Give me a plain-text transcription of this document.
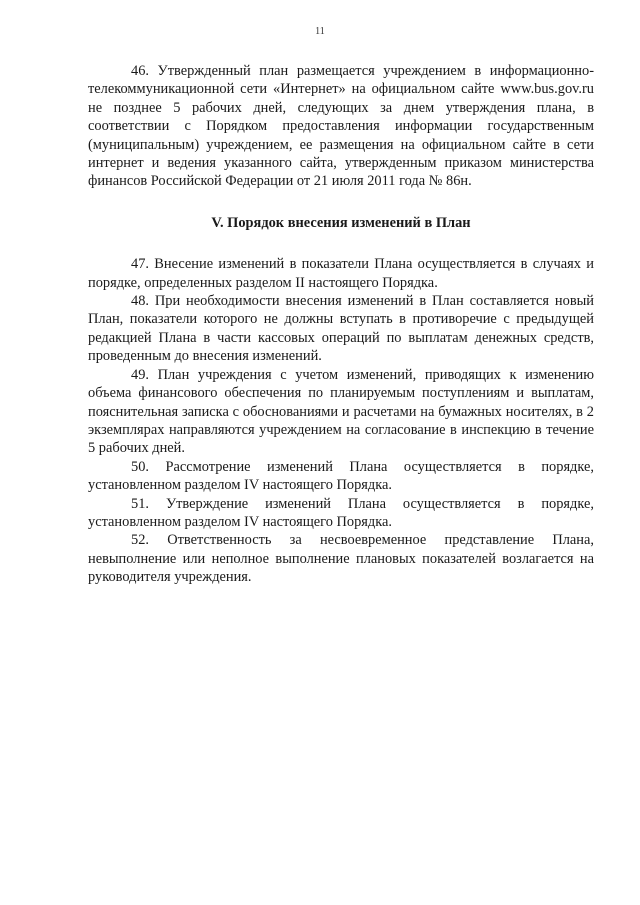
11

46. Утвержденный план размещается учреждением в информационно-телекоммуникационной сети «Интернет» на официальном сайте www.bus.gov.ru не позднее 5 рабочих дней, следующих за днем утверждения плана, в соответствии с Порядком предоставления информации государственным (муниципальным) учреждением, ее размещения на официальном сайте в сети интернет и ведения указанного сайта, утвержденным приказом министерства финансов Российской Федерации от 21 июля 2011 года № 86н.

V. Порядок внесения изменений в План

47. Внесение изменений в показатели Плана осуществляется в случаях и порядке, определенных разделом II настоящего Порядка.

48. При необходимости внесения изменений в План составляется новый План, показатели которого не должны вступать в противоречие с предыдущей редакцией Плана в части кассовых операций по выплатам денежных средств, проведенным до внесения изменений.

49. План учреждения с учетом изменений, приводящих к изменению объема финансового обеспечения по планируемым поступлениям и выплатам, пояснительная записка с обоснованиями и расчетами на бумажных носителях, в 2 экземплярах направляются учреждением на согласование в инспекцию в течение 5 рабочих дней.

50. Рассмотрение изменений Плана осуществляется в порядке, установленном разделом IV настоящего Порядка.

51. Утверждение изменений Плана осуществляется в порядке, установленном разделом IV настоящего Порядка.

52. Ответственность за несвоевременное представление Плана, невыполнение или неполное выполнение плановых показателей возлагается на руководителя учреждения.
